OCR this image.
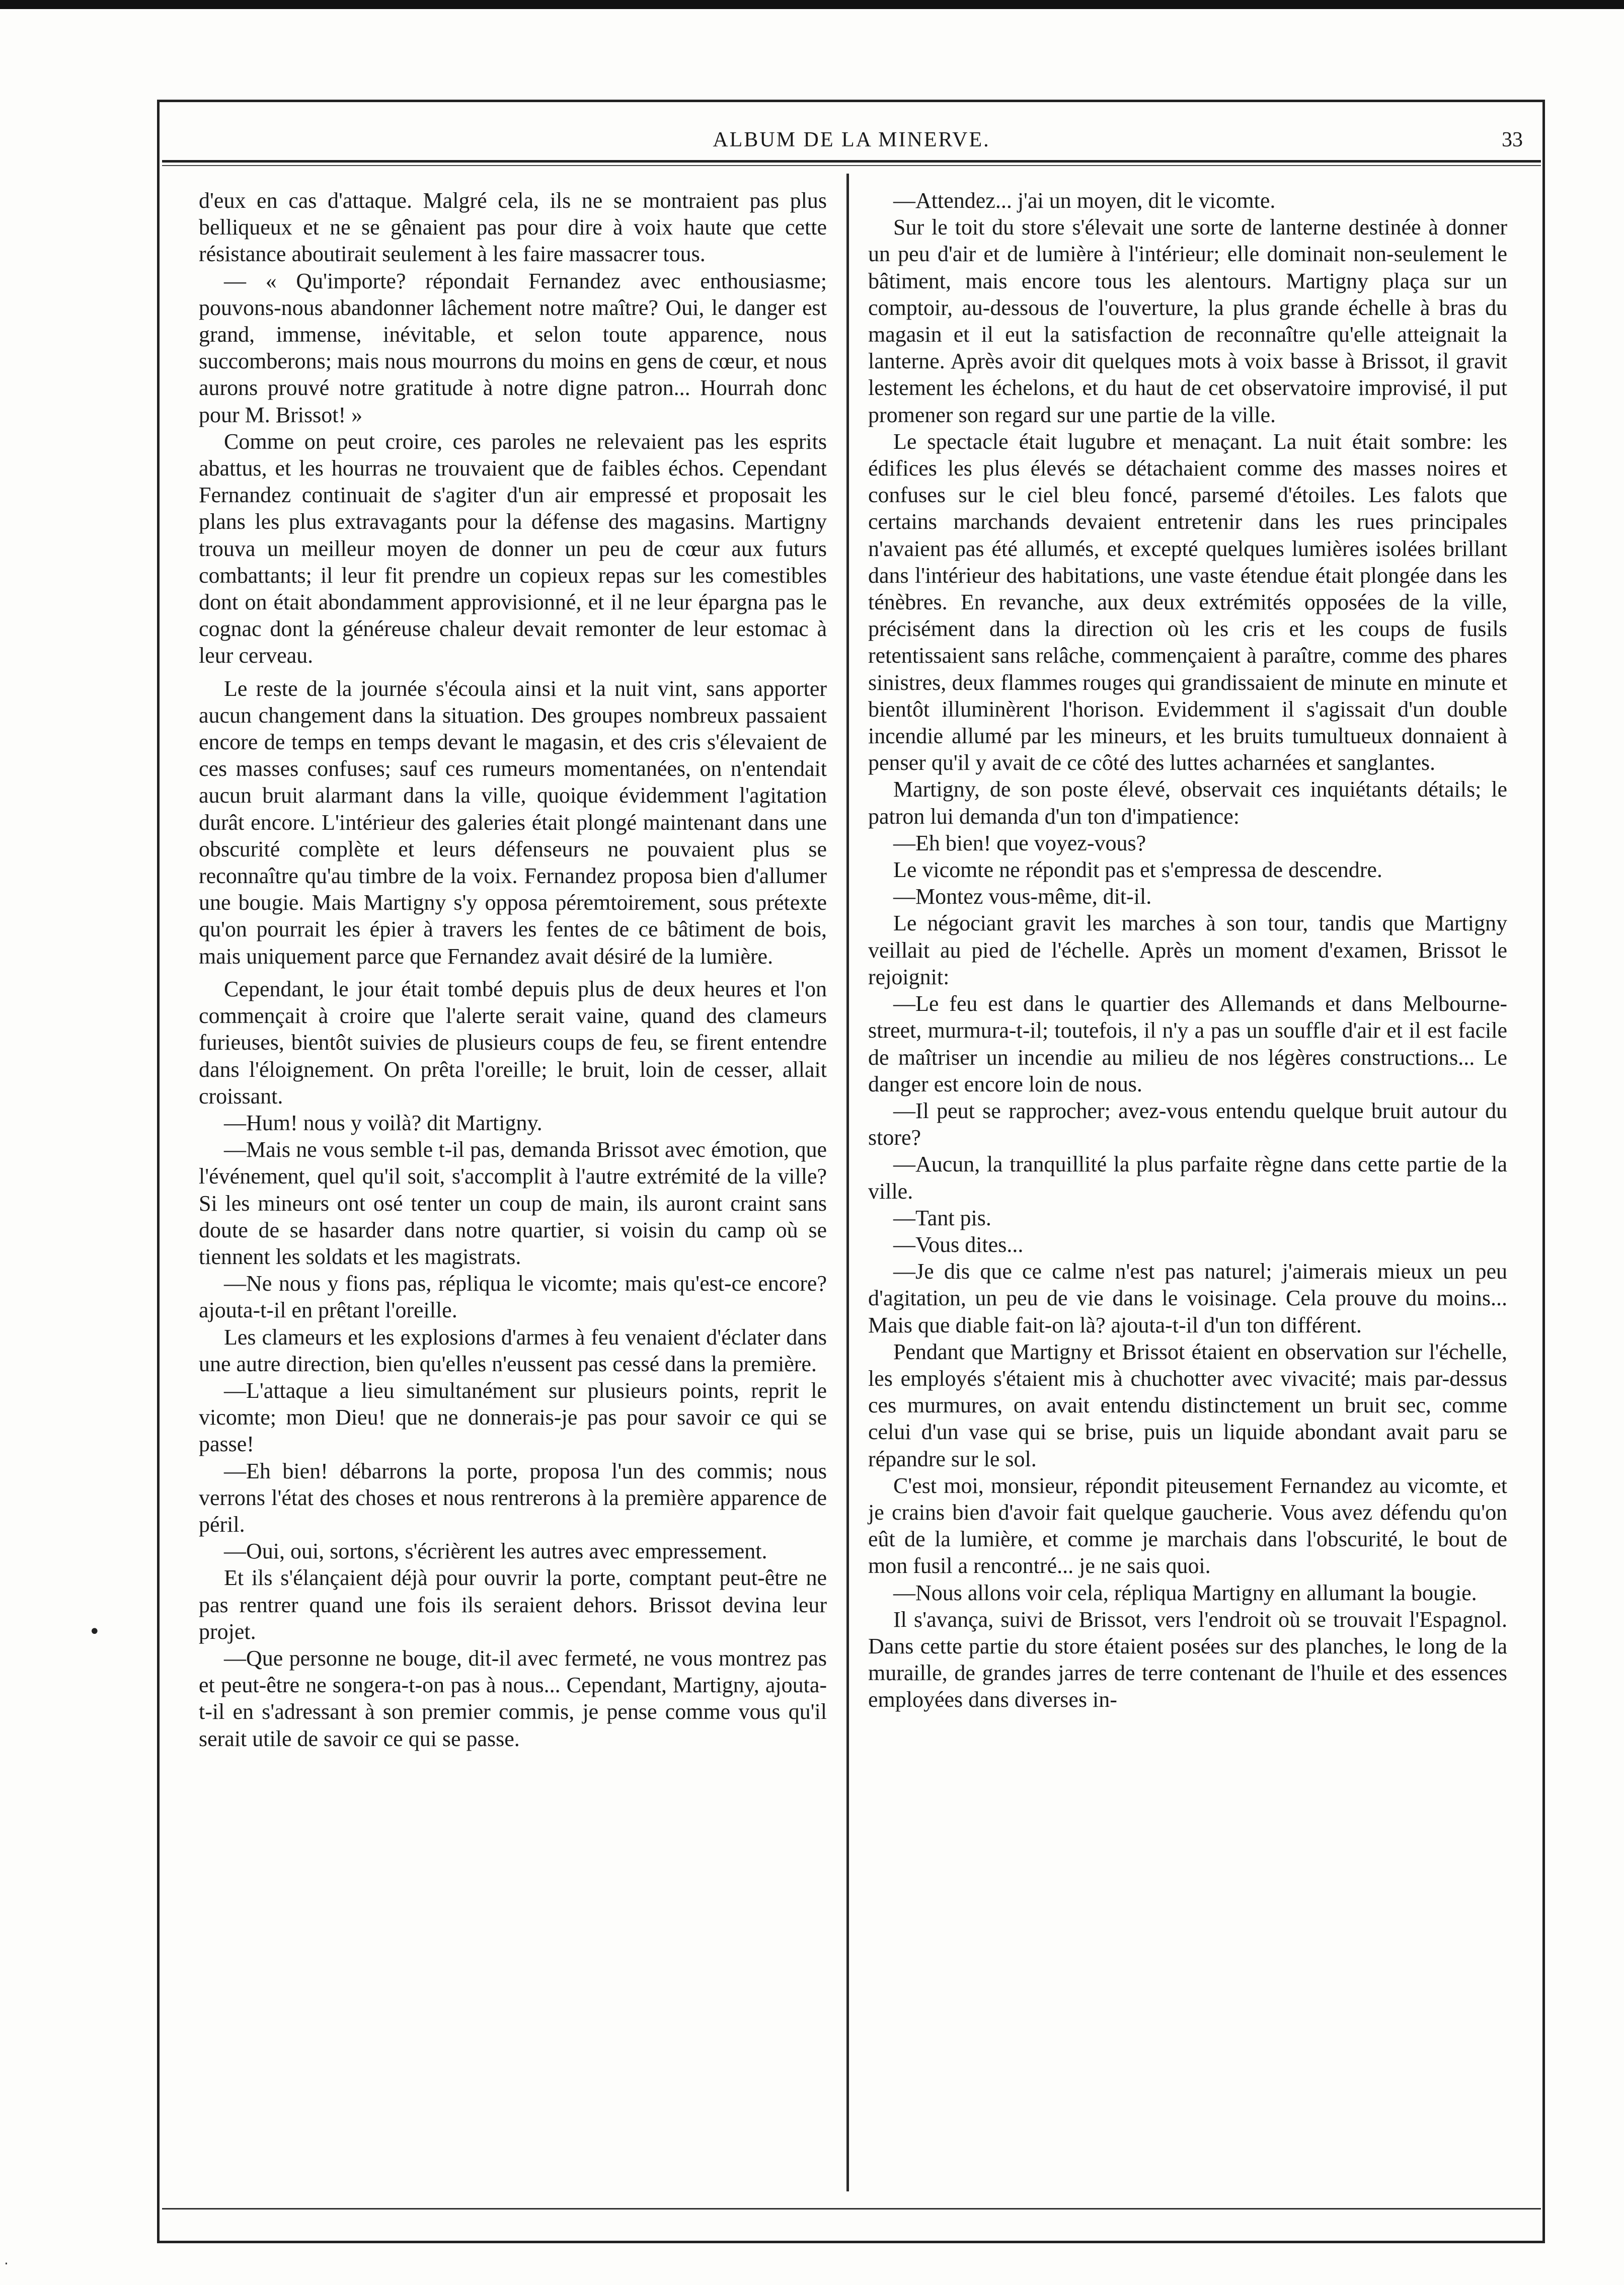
ALBUM DE LA MINERVE.	33

d'eux en cas d'attaque. Malgré cela, ils ne se montraient pas plus belliqueux et ne se gênaient pas pour dire à voix haute que cette résistance aboutirait seulement à les faire massacrer tous.

— « Qu'importe? répondait Fernandez avec enthousiasme; pouvons-nous abandonner lâchement notre maître? Oui, le danger est grand, immense, inévitable, et selon toute apparence, nous succomberons; mais nous mourrons du moins en gens de cœur, et nous aurons prouvé notre gratitude à notre digne patron... Hourrah donc pour M. Brissot! »

Comme on peut croire, ces paroles ne relevaient pas les esprits abattus, et les hourras ne trouvaient que de faibles échos. Cependant Fernandez continuait de s'agiter d'un air empressé et proposait les plans les plus extravagants pour la défense des magasins. Martigny trouva un meilleur moyen de donner un peu de cœur aux futurs combattants; il leur fit prendre un copieux repas sur les comestibles dont on était abondamment approvisionné, et il ne leur épargna pas le cognac dont la généreuse chaleur devait remonter de leur estomac à leur cerveau.

Le reste de la journée s'écoula ainsi et la nuit vint, sans apporter aucun changement dans la situation. Des groupes nombreux passaient encore de temps en temps devant le magasin, et des cris s'élevaient de ces masses confuses; sauf ces rumeurs momentanées, on n'entendait aucun bruit alarmant dans la ville, quoique évidemment l'agitation durât encore. L'intérieur des galeries était plongé maintenant dans une obscurité complète et leurs défenseurs ne pouvaient plus se reconnaître qu'au timbre de la voix. Fernandez proposa bien d'allumer une bougie. Mais Martigny s'y opposa péremtoirement, sous prétexte qu'on pourrait les épier à travers les fentes de ce bâtiment de bois, mais uniquement parce que Fernandez avait désiré de la lumière.

Cependant, le jour était tombé depuis plus de deux heures et l'on commençait à croire que l'alerte serait vaine, quand des clameurs furieuses, bientôt suivies de plusieurs coups de feu, se firent entendre dans l'éloignement. On prêta l'oreille; le bruit, loin de cesser, allait croissant.

—Hum! nous y voilà? dit Martigny.

—Mais ne vous semble t-il pas, demanda Brissot avec émotion, que l'événement, quel qu'il soit, s'accomplit à l'autre extrémité de la ville? Si les mineurs ont osé tenter un coup de main, ils auront craint sans doute de se hasarder dans notre quartier, si voisin du camp où se tiennent les soldats et les magistrats.

—Ne nous y fions pas, répliqua le vicomte; mais qu'est-ce encore? ajouta-t-il en prêtant l'oreille.

Les clameurs et les explosions d'armes à feu venaient d'éclater dans une autre direction, bien qu'elles n'eussent pas cessé dans la première.

—L'attaque a lieu simultanément sur plusieurs points, reprit le vicomte; mon Dieu! que ne donnerais-je pas pour savoir ce qui se passe!

—Eh bien! débarrons la porte, proposa l'un des commis; nous verrons l'état des choses et nous rentrerons à la première apparence de péril.

—Oui, oui, sortons, s'écrièrent les autres avec empressement.

Et ils s'élançaient déjà pour ouvrir la porte, comptant peut-être ne pas rentrer quand une fois ils seraient dehors. Brissot devina leur projet.

—Que personne ne bouge, dit-il avec fermeté, ne vous montrez pas et peut-être ne songera-t-on pas à nous... Cependant, Martigny, ajouta-t-il en s'adressant à son premier commis, je pense comme vous qu'il serait utile de savoir ce qui se passe.

—Attendez... j'ai un moyen, dit le vicomte.

Sur le toit du store s'élevait une sorte de lanterne destinée à donner un peu d'air et de lumière à l'intérieur; elle dominait non-seulement le bâtiment, mais encore tous les alentours. Martigny plaça sur un comptoir, au-dessous de l'ouverture, la plus grande échelle à bras du magasin et il eut la satisfaction de reconnaître qu'elle atteignait la lanterne. Après avoir dit quelques mots à voix basse à Brissot, il gravit lestement les échelons, et du haut de cet observatoire improvisé, il put promener son regard sur une partie de la ville.

Le spectacle était lugubre et menaçant. La nuit était sombre: les édifices les plus élevés se détachaient comme des masses noires et confuses sur le ciel bleu foncé, parsemé d'étoiles. Les falots que certains marchands devaient entretenir dans les rues principales n'avaient pas été allumés, et excepté quelques lumières isolées brillant dans l'intérieur des habitations, une vaste étendue était plongée dans les ténèbres. En revanche, aux deux extrémités opposées de la ville, précisément dans la direction où les cris et les coups de fusils retentissaient sans relâche, commençaient à paraître, comme des phares sinistres, deux flammes rouges qui grandissaient de minute en minute et bientôt illuminèrent l'horison. Evidemment il s'agissait d'un double incendie allumé par les mineurs, et les bruits tumultueux donnaient à penser qu'il y avait de ce côté des luttes acharnées et sanglantes.

Martigny, de son poste élevé, observait ces inquiétants détails; le patron lui demanda d'un ton d'impatience:

—Eh bien! que voyez-vous?

Le vicomte ne répondit pas et s'empressa de descendre.

—Montez vous-même, dit-il.

Le négociant gravit les marches à son tour, tandis que Martigny veillait au pied de l'échelle. Après un moment d'examen, Brissot le rejoignit:

—Le feu est dans le quartier des Allemands et dans Melbourne-street, murmura-t-il; toutefois, il n'y a pas un souffle d'air et il est facile de maîtriser un incendie au milieu de nos légères constructions... Le danger est encore loin de nous.

—Il peut se rapprocher; avez-vous entendu quelque bruit autour du store?

—Aucun, la tranquillité la plus parfaite règne dans cette partie de la ville.

—Tant pis.

—Vous dites...

—Je dis que ce calme n'est pas naturel; j'aimerais mieux un peu d'agitation, un peu de vie dans le voisinage. Cela prouve du moins... Mais que diable fait-on là? ajouta-t-il d'un ton différent.

Pendant que Martigny et Brissot étaient en observation sur l'échelle, les employés s'étaient mis à chuchotter avec vivacité; mais par-dessus ces murmures, on avait entendu distinctement un bruit sec, comme celui d'un vase qui se brise, puis un liquide abondant avait paru se répandre sur le sol.

C'est moi, monsieur, répondit piteusement Fernandez au vicomte, et je crains bien d'avoir fait quelque gaucherie. Vous avez défendu qu'on eût de la lumière, et comme je marchais dans l'obscurité, le bout de mon fusil a rencontré... je ne sais quoi.

—Nous allons voir cela, répliqua Martigny en allumant la bougie.

Il s'avança, suivi de Brissot, vers l'endroit où se trouvait l'Espagnol. Dans cette partie du store étaient posées sur des planches, le long de la muraille, de grandes jarres de terre contenant de l'huile et des essences employées dans diverses in-

•
·
